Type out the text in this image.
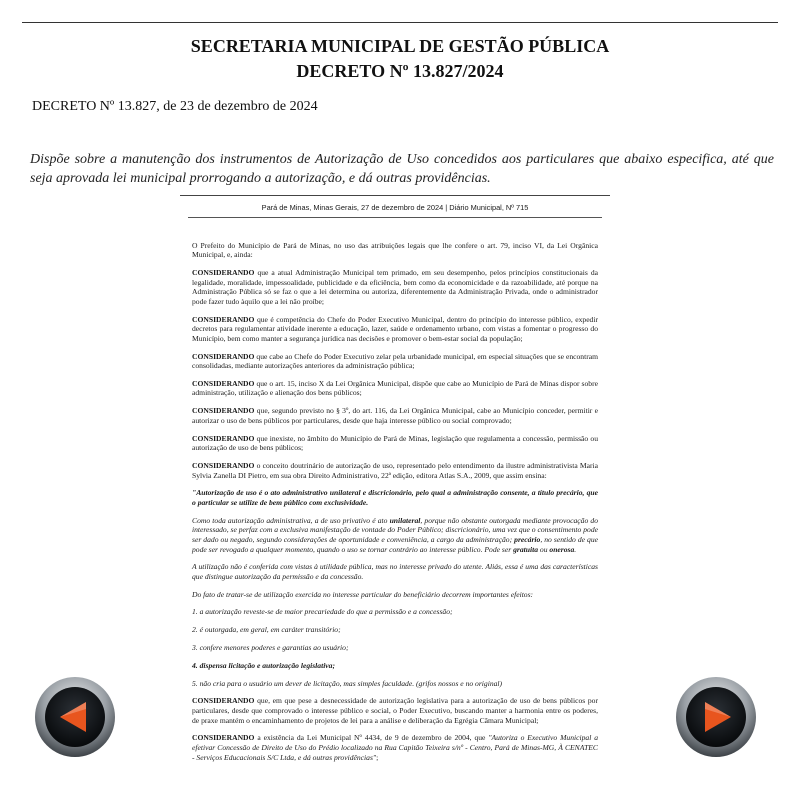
SECRETARIA MUNICIPAL DE GESTÃO PÚBLICA
DECRETO Nº 13.827/2024
DECRETO Nº 13.827, de 23 de dezembro de 2024
Dispõe sobre a manutenção dos instrumentos de Autorização de Uso concedidos aos particulares que abaixo especifica, até que seja aprovada lei municipal prorrogando a autorização, e dá outras providências.
Pará de Minas, Minas Gerais, 27 de dezembro de 2024 | Diário Municipal, Nº 715

O Prefeito do Município de Pará de Minas, no uso das atribuições legais que lhe confere o art. 79, inciso VI, da Lei Orgânica Municipal, e, ainda:

CONSIDERANDO que a atual Administração Municipal tem primado, em seu desempenho, pelos princípios constitucionais da legalidade, moralidade, impessoalidade, publicidade e da eficiência, bem como da economicidade e da razoabilidade, até porque na Administração Pública só se faz o que a lei determina ou autoriza, diferentemente da Administração Privada, onde o administrador pode fazer tudo àquilo que a lei não proíbe;

CONSIDERANDO que é competência do Chefe do Poder Executivo Municipal, dentro do princípio do interesse público, expedir decretos para regulamentar atividade inerente a educação, lazer, saúde e ordenamento urbano, com vistas a fomentar o progresso do Município, bem como manter a segurança jurídica nas decisões e promover o bem-estar social da população;

CONSIDERANDO que cabe ao Chefe do Poder Executivo zelar pela urbanidade municipal, em especial situações que se encontram consolidadas, mediante autorizações anteriores da administração pública;

CONSIDERANDO que o art. 15, inciso X da Lei Orgânica Municipal, dispõe que cabe ao Município de Pará de Minas dispor sobre administração, utilização e alienação dos bens públicos;

CONSIDERANDO que, segundo previsto no § 3º, do art. 116, da Lei Orgânica Municipal, cabe ao Município conceder, permitir e autorizar o uso de bens públicos por particulares, desde que haja interesse público ou social comprovado;

CONSIDERANDO que inexiste, no âmbito do Município de Pará de Minas, legislação que regulamenta a concessão, permissão ou autorização de uso de bens públicos;

CONSIDERANDO o conceito doutrinário de autorização de uso, representado pelo entendimento da ilustre administrativista Maria Sylvia Zanella DI Pietro, em sua obra Direito Administrativo, 22ª edição, editora Atlas S.A., 2009, que assim ensina:

"Autorização de uso é o ato administrativo unilateral e discricionário, pelo qual a administração consente, a título precário, que o particular se utilize de bem público com exclusividade.

Como toda autorização administrativa, a de uso privativo é ato unilateral, porque não obstante outorgada mediante provocação do interessado, se perfaz com a exclusiva manifestação de vontade do Poder Público; discricionário, uma vez que o consentimento pode ser dado ou negado, segundo considerações de oportunidade e conveniência, a cargo da administração; precário, no sentido de que pode ser revogado a qualquer momento, quando o uso se tornar contrário ao interesse público. Pode ser gratuita ou onerosa.

A utilização não é conferida com vistas à utilidade pública, mas no interesse privado do utente. Aliás, essa é uma das características que distingue autorização da permissão e da concessão.

Do fato de tratar-se de utilização exercida no interesse particular do beneficiário decorrem importantes efeitos:

1. a autorização reveste-se de maior precariedade do que a permissão e a concessão;

2. é outorgada, em geral, em caráter transitório;

3. confere menores poderes e garantias ao usuário;

4. dispensa licitação e autorização legislativa;

5. não cria para o usuário um dever de licitação, mas simples faculdade. (grifos nossos e no original)

CONSIDERANDO que, em que pese a desnecessidade de autorização legislativa para a autorização de uso de bens públicos por particulares, desde que comprovado o interesse público e social, o Poder Executivo, buscando manter a harmonia entre os poderes, de praxe mantém o encaminhamento de projetos de lei para a análise e deliberação da Egrégia Câmara Municipal;

CONSIDERANDO a existência da Lei Municipal Nº 4434, de 9 de dezembro de 2004, que "Autoriza o Executivo Municipal a efetivar Concessão de Direito de Uso do Prédio localizado na Rua Capitão Teixeira s/nº - Centro, Pará de Minas-MG, À CENATEC - Serviços Educacionais S/C Ltda, e dá outras providências";
